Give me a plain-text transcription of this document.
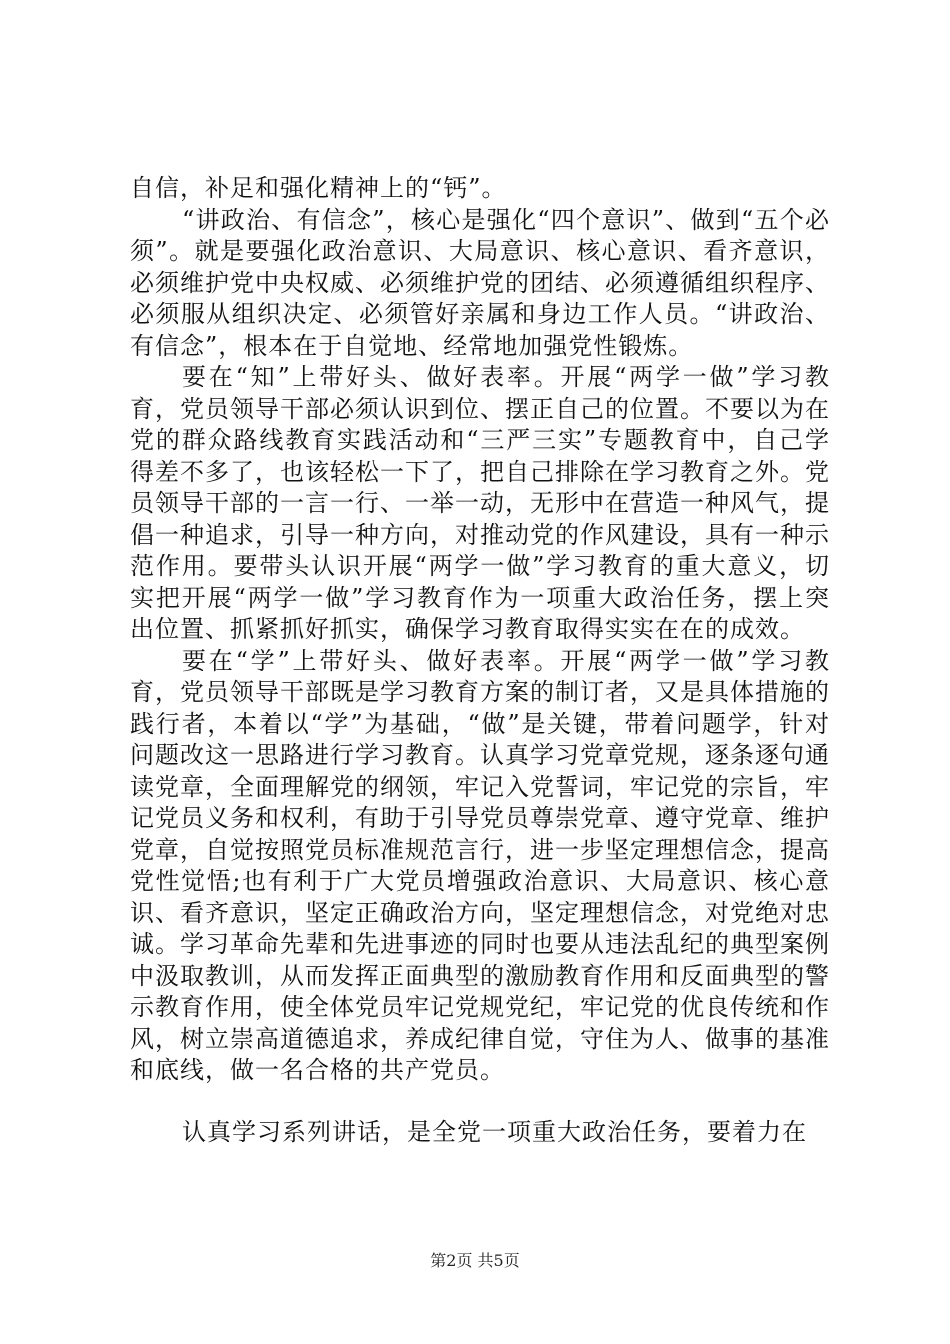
自信，补足和强化精神上的“钙”。

“讲政治、有信念”，核心是强化“四个意识”、做到“五个必须”。就是要强化政治意识、大局意识、核心意识、看齐意识，必须维护党中央权威、必须维护党的团结、必须遵循组织程序、必须服从组织决定、必须管好亲属和身边工作人员。“讲政治、有信念”，根本在于自觉地、经常地加强党性锻炼。

要在“知”上带好头、做好表率。开展“两学一做”学习教育，党员领导干部必须认识到位、摆正自己的位置。不要以为在党的群众路线教育实践活动和“三严三实”专题教育中，自己学得差不多了，也该轻松一下了，把自己排除在学习教育之外。党员领导干部的一言一行、一举一动，无形中在营造一种风气，提倡一种追求，引导一种方向，对推动党的作风建设，具有一种示范作用。要带头认识开展“两学一做”学习教育的重大意义，切实把开展“两学一做”学习教育作为一项重大政治任务，摆上突出位置、抓紧抓好抓实，确保学习教育取得实实在在的成效。

要在“学”上带好头、做好表率。开展“两学一做”学习教育，党员领导干部既是学习教育方案的制订者，又是具体措施的践行者，本着以“学”为基础，“做”是关键，带着问题学，针对问题改这一思路进行学习教育。认真学习党章党规，逐条逐句通读党章，全面理解党的纲领，牢记入党誓词，牢记党的宗旨，牢记党员义务和权利，有助于引导党员尊崇党章、遵守党章、维护党章，自觉按照党员标准规范言行，进一步坚定理想信念，提高党性觉悟;也有利于广大党员增强政治意识、大局意识、核心意识、看齐意识，坚定正确政治方向，坚定理想信念，对党绝对忠诚。学习革命先辈和先进事迹的同时也要从违法乱纪的典型案例中汲取教训，从而发挥正面典型的激励教育作用和反面典型的警示教育作用，使全体党员牢记党规党纪，牢记党的优良传统和作风，树立崇高道德追求，养成纪律自觉，守住为人、做事的基准和底线，做一名合格的共产党员。

认真学习系列讲话，是全党一项重大政治任务，要着力在

第2页 共5页
